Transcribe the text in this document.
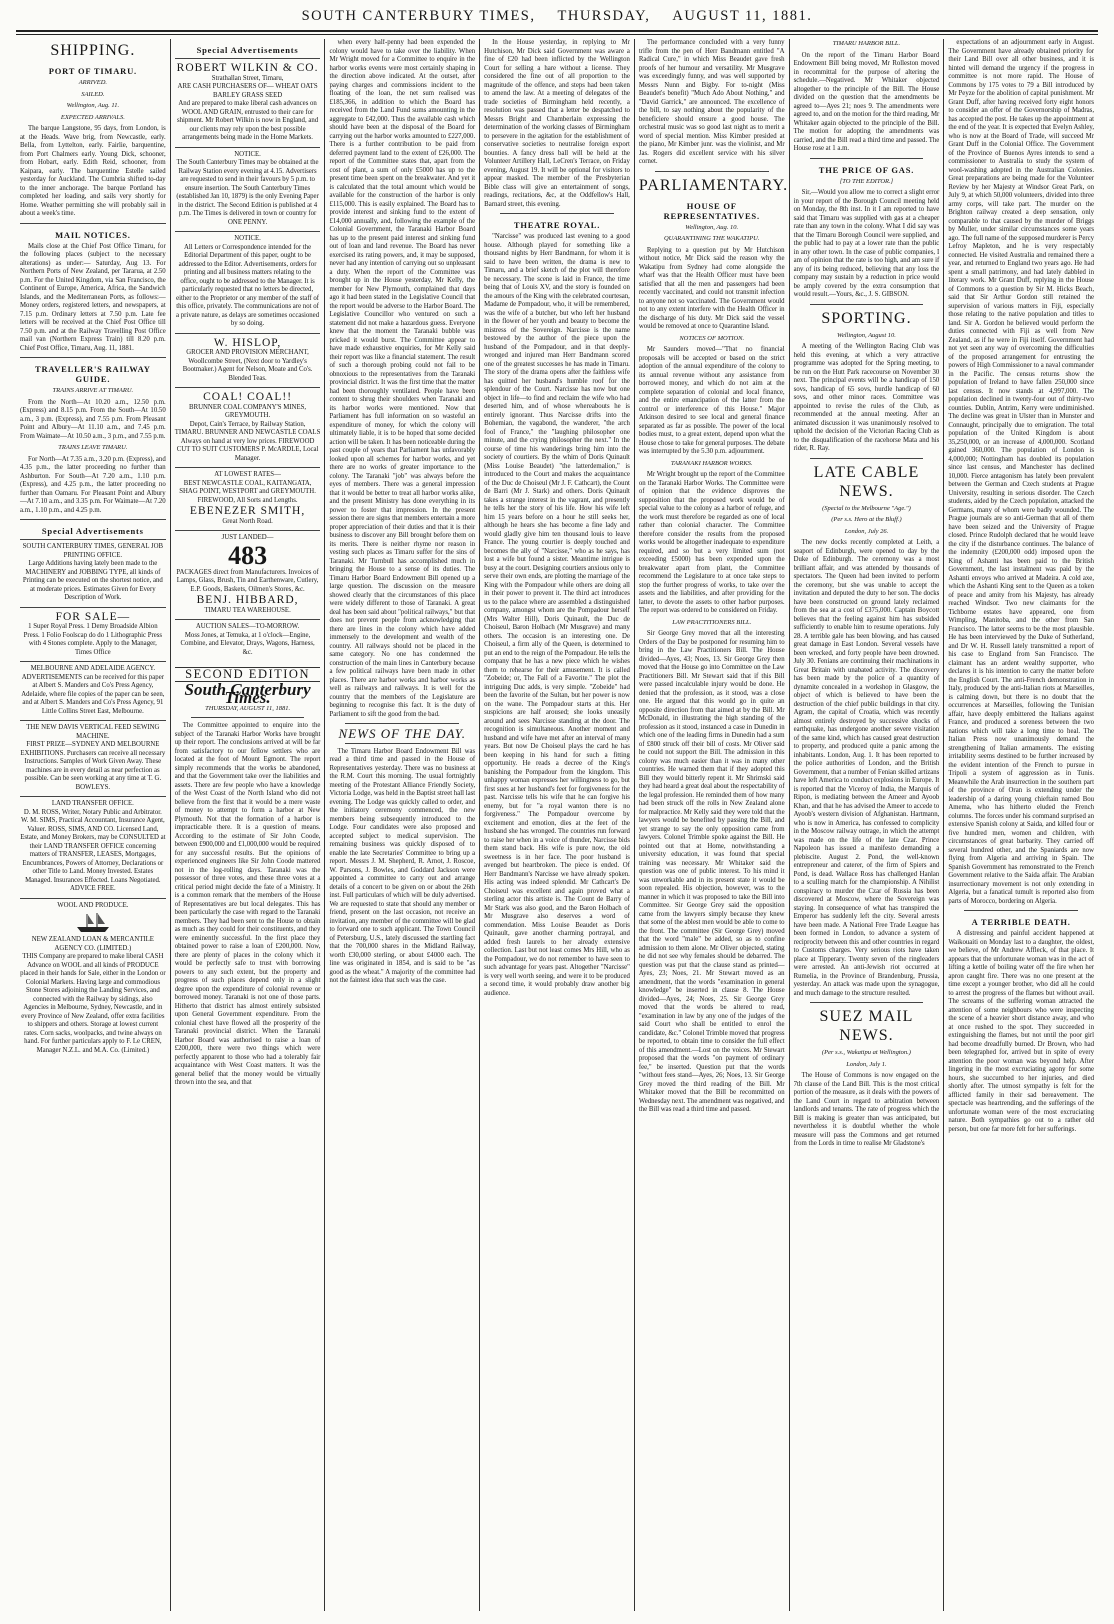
SOUTH CANTERBURY TIMES, THURSDAY, AUGUST 11, 1881.
SHIPPING.
PORT OF TIMARU.
ARRIVED.
SAILED.
Wellington, Aug. 11.
EXPECTED ARRIVALS.

The barque Langstone, 95 days, from London, is at the Heads. Wave brig, from Newcastle, early. Bella, from Lyttelton, early. Fairlie, barquentine, from Port Chalmers early. Young Dick, schooner, from Hobart, early. Edith Reid, schooner, from Kaipara, early. The barquentine Estelle sailed yesterday for Auckland. The Cumbria shifted to-day to the inner anchorage. The barque Portland has completed her loading, and sails very shortly for Home. Weather permitting she will probably sail in about a week's time.

MAIL NOTICES.

Mails close at the Chief Post Office Timaru, for the following places (subject to the necessary alterations) as under:— Saturday, Aug 13. For Northern Ports of New Zealand, per Tararua, at 2.50 p.m. For the United Kingdom, via San Francisco, the Continent of Europe, America, Africa, the Sandwich Islands, and the Mediterranean Ports, as follows:— Money orders, registered letters, and newspapers, at 7.15 p.m. Ordinary letters at 7.50 p.m. Late fee letters will be received at the Chief Post Office till 7.50 p.m. and at the Railway Travelling Post Office mail van (Northern Express Train) till 8.20 p.m. Chief Post Office, Timaru, Aug. 11, 1881.

TRAVELLER'S RAILWAY GUIDE.
TRAINS ARRIVE AT TIMARU.

From the North—At 10.20 a.m., 12.50 p.m. (Express) and 8.15 p.m. From the South—At 10.50 a.m., 3 p.m. (Express), and 7.55 p.m. From Pleasant Point and Albury—At 11.10 a.m., and 7.45 p.m. From Waimate—At 10.50 a.m., 3 p.m., and 7.55 p.m.

TRAINS LEAVE TIMARU.

For North—At 7.35 a.m., 3.20 p.m. (Express), and 4.35 p.m., the latter proceeding no further than Ashburton. For South—At 7.20 a.m., 1.10 p.m. (Express), and 4.25 p.m., the latter proceeding no further than Oamaru. For Pleasant Point and Albury—At 7.10 a.m., and 3.35 p.m. For Waimate—At 7.20 a.m., 1.10 p.m., and 4.25 p.m.

Special Advertisements
SOUTH CANTERBURY TIMES, GENERAL JOB PRINTING OFFICE.
Large Additions having lately been made to the MACHINERY and JOBBING TYPE, all kinds of Printing can be executed on the shortest notice, and at moderate prices. Estimates Given for Every Description of Work.
FOR SALE—
1 Super Royal Press. 1 Demy Broadside Albion Press. 1 Folio Foolscap do do 1 Lithographic Press with 4 Stones complete. Apply to the Manager, Times Office
MELBOURNE AND ADELAIDE AGENCY.
ADVERTISEMENTS can be received for this paper at Albert S. Manders and Co's Press Agency, Adelaide, where file copies of the paper can be seen, and at Albert S. Manders and Co's Press Agency, 91 Little Collins Street East, Melbourne.
THE NEW DAVIS VERTICAL FEED SEWING MACHINE.
FIRST PRIZE—SYDNEY AND MELBOURNE EXHIBITIONS. Purchasers can receive all necessary Instructions. Samples of Work Given Away. These machines are in every detail as near perfection as possible. Can be seen working at any time at T. G. BOWLEYS.
LAND TRANSFER OFFICE.
D. M. ROSS, Writer, Notary Public and Arbitrator. W. M. SIMS, Practical Accountant, Insurance Agent, Valuer. ROSS, SIMS, AND CO. Licensed Land, Estate, and Money Brokers, may be CONSULTED at their LAND TRANSFER OFFICE concerning matters of TRANSFER, LEASES, Mortgages, Encumbrances, Powers of Attorney, Declarations or other Title to Land. Money Invested. Estates Managed. Insurances Effected. Loans Negotiated. ADVICE FREE.
WOOL AND PRODUCE.
NEW ZEALAND LOAN & MERCANTILE AGENCY CO. (LIMITED.)
THIS Company are prepared to make liberal CASH Advance on WOOL and all kinds of PRODUCE placed in their hands for Sale, either in the London or Colonial Markets. Having large and commodious Stone Stores adjoining the Landing Services, and connected with the Railway by sidings, also Agencies in Melbourne, Sydney, Newcastle, and in every Province of New Zealand, offer extra facilities to shippers and others. Storage at lowest current rates. Corn sacks, woolpacks, and twine always on hand. For further particulars apply to F. Le CREN, Manager N.Z.L. and M.A. Co. (Limited.)
Special Advertisements
ROBERT WILKIN & CO.
Strathallan Street, Timaru,
ARE CASH PURCHASERS OF— WHEAT OATS BARLEY GRASS SEED
And are prepared to make liberal cash advances on WOOL AND GRAIN, entrusted to their care for shipment. Mr Robert Wilkin is now in England, and our clients may rely upon the best possible arrangements being made in the Home Markets.
NOTICE.
The South Canterbury Times may be obtained at the Railway Station every evening at 4.15. Advertisers are requested to send in their favours by 5 p.m. to ensure insertion. The South Canterbury Times (established Jan 10, 1879) is the only Evening Paper in the district. The Second Edition is published at 4 p.m. The Times is delivered in town or country for ONE PENNY.
NOTICE.
All Letters or Correspondence intended for the Editorial Department of this paper, ought to be addressed to the Editor. Advertisements, orders for printing and all business matters relating to the office, ought to be addressed to the Manager. It is particularly requested that no letters be directed, either to the Proprietor or any member of the staff of this office, privately. The communications are not of a private nature, as delays are sometimes occasioned by so doing.
W. HISLOP,
GROCER AND PROVISION MERCHANT,
Woollcombe Street, (Next door to Yardley's Bootmaker.) Agent for Nelson, Moate and Co's. Blended Teas.
COAL! COAL!!
BRUNNER COAL COMPANY'S MINES, GREYMOUTH.
Depot, Cain's Terrace, by Railway Station, TIMARU. BRUNNER AND NEWCASTLE COALS Always on hand at very low prices. FIREWOOD CUT TO SUIT CUSTOMERS P. McARDLE, Local Manager.
AT LOWEST RATES—
BEST NEWCASTLE COAL, KAITANGATA, SHAG POINT, WESTPORT and GREYMOUTH. FIREWOOD, All Sorts and Lengths.
EBENEZER SMITH,
Great North Road.
JUST LANDED—
483
PACKAGES direct from Manufacturers. Invoices of Lamps, Glass, Brush, Tin and Earthenware, Cutlery, E.P. Goods, Baskets, Oilmen's Stores, &c.
BENJ. HIBBARD,
TIMARU TEA WAREHOUSE.
AUCTION SALES—TO-MORROW.
Moss Jones, at Temuka, at 1 o'clock—Engine, Combine, and Elevator, Drays, Wagons, Harness, &c.
SECOND EDITION
South Canterbury Times.
THURSDAY, AUGUST 11, 1881.

The Committee appointed to enquire into the subject of the Taranaki Harbor Works have brought up their report. The conclusions arrived at will be far from satisfactory to our fellow settlers who are located at the foot of Mount Egmont. The report simply recommends that the works be abandoned, and that the Government take over the liabilities and assets. There are few people who have a knowledge of the West Coast of the North Island who did not believe from the first that it would be a mere waste of money to attempt to form a harbor at New Plymouth. Not that the formation of a harbor is impracticable there. It is a question of means. According to the estimate of Sir John Coode, between £900,000 and £1,000,000 would be required for any successful results. But the opinions of experienced engineers like Sir John Coode mattered not in the log-rolling days. Taranaki was the possessor of three votes, and these three votes at a critical period might decide the fate of a Ministry. It is a common remark that the members of the House of Representatives are but local delegates. This has been particularly the case with regard to the Taranaki members. They had been sent to the House to obtain as much as they could for their constituents, and they were eminently successful. In the first place they obtained power to raise a loan of £200,000. Now, there are plenty of places in the colony which it would be perfectly safe to trust with borrowing powers to any such extent, but the property and progress of such places depend only in a slight degree upon the expenditure of colonial revenue or borrowed money. Taranaki is not one of those parts. Hitherto that district has almost entirely subsisted upon General Government expenditure. From the colonial chest have flowed all the prosperity of the Taranaki provincial district. When the Taranaki Harbor Board was authorised to raise a loan of £200,000, there were two things which were perfectly apparent to those who had a tolerably fair acquaintance with West Coast matters. It was the general belief that the money would be virtually thrown into the sea, and that

when every half-penny had been expended the colony would have to take over the liability. When Mr Wright moved for a Committee to enquire in the harbor works events were most certainly shaping in the direction above indicated. At the outset, after paying charges and commissions incident to the floating of the loan, the net sum realised was £185,366, in addition to which the Board has received from the Land Fund sums amounting in the aggregate to £42,000. Thus the available cash which should have been at the disposal of the Board for carrying out the harbor works amounted to £227,000. There is a further contribution to be paid from deferred payment land to the extent of £26,000. The report of the Committee states that, apart from the cost of plant, a sum of only £5000 has up to the present time been spent on the breakwater. And yet it is calculated that the total amount which would be available for the construction of the harbor is only £115,000. This is easily explained. The Board has to provide interest and sinking fund to the extent of £14,000 annually, and, following the example of the Colonial Government, the Taranaki Harbor Board has up to the present paid interest and sinking fund out of loan and land revenue. The Board has never exercised its rating powers, and, it may be supposed, never had any intention of carrying out so unpleasant a duty. When the report of the Committee was brought up in the House yesterday, Mr Kelly, the member for New Plymouth, complained that days ago it had been stated in the Legislative Council that the report would be adverse to the Harbor Board. The Legislative Councillor who ventured on such a statement did not make a hazardous guess. Everyone knew that the moment the Taranaki bubble was pricked it would burst. The Committee appear to have made exhaustive enquiries, for Mr Kelly said their report was like a financial statement. The result of such a thorough probing could not fail to be obnoxious to the representatives from the Taranaki provincial district. It was the first time that the matter had been thoroughly ventilated. People have been content to shrug their shoulders when Taranaki and its harbor works were mentioned. Now that Parliament has full information on so wasteful an expenditure of money, for which the colony will ultimately liable, it is to be hoped that some decided action will be taken. It has been noticeable during the past couple of years that Parliament has unfavorably looked upon all schemes for harbor works, and yet there are no works of greater importance to the colony. The Taranaki "job" was always before the eyes of members. There was a general impression that it would be better to treat all harbor works alike, and the present Ministry has done everything in its power to foster that impression. In the present session there are signs that members entertain a more proper appreciation of their duties and that it is their business to discover any Bill brought before them on its merits. There is neither rhyme nor reason in vesting such places as Timaru suffer for the sins of Taranaki. Mr Turnbull has accomplished much in bringing the House to a sense of its duties. The Timaru Harbor Board Endowment Bill opened up a large question. The discussion on the measure showed clearly that the circumstances of this place were widely different to those of Taranaki. A great deal has been said about "political railways," but that does not prevent people from acknowledging that there are lines in the colony which have added immensely to the development and wealth of the country. All railways should not be placed in the same category. No one has condemned the construction of the main lines in Canterbury because a few political railways have been made in other places. There are harbor works and harbor works as well as railways and railways. It is well for the country that the members of the Legislature are beginning to recognise this fact. It is the duty of Parliament to sift the good from the bad.

NEWS OF THE DAY.

The Timaru Harbor Board Endowment Bill was read a third time and passed in the House of Representatives yesterday. There was no business at the R.M. Court this morning. The usual fortnightly meeting of the Protestant Alliance Friendly Society, Victoria Lodge, was held in the Baptist street hall last evening. The Lodge was quickly called to order, and the initiatory ceremony commenced, the new members being subsequently introduced to the Lodge. Four candidates were also proposed and accepted subject to medical supervision. The remaining business was quickly disposed of to enable the late Secretaries' Committee to bring up a report. Messrs J. M. Shepherd, R. Arnot, J. Roscoe, W. Parsons, J. Bowles, and Goddard Jackson were appointed a committee to carry out and arrange details of a concert to be given on or about the 26th inst. Full particulars of which will be duly advertised. We are requested to state that should any member or friend, present on the last occasion, not receive an invitation, any member of the committee will be glad to forward one to such applicant. The Town Council of Petersburg, U.S., lately discussed the startling fact that the 700,000 shares in the Midland Railway, worth £30,000 sterling, or about £4000 each. The line was originated in 1854, and is said to be "as good as the wheat." A majority of the committee had not the faintest idea that such was the case.

In the House yesterday, in replying to Mr Hutchison, Mr Dick said Government was aware a fine of £20 had been inflicted by the Wellington Court for selling a hare without a license. They considered the fine out of all proportion to the magnitude of the offence, and steps had been taken to amend the law. At a meeting of delegates of the trade societies of Birmingham held recently, a resolution was passed that a letter be despatched to Messrs Bright and Chamberlain expressing the determination of the working classes of Birmingham to persevere in the agitation for the establishment of conservative societies to neutralise foreign export bounties. A fancy dress ball will be held at the Volunteer Artillery Hall, LeCren's Terrace, on Friday evening, August 19. It will be optional for visitors to appear masked. The member of the Presbyterian Bible class will give an entertainment of songs, readings, recitations, &c, at the Oddfellow's Hall, Barnard street, this evening.

THEATRE ROYAL.

"Narcisse" was produced last evening to a good house. Although played for something like a thousand nights by Herr Bandmann, for whom it is said to have been written, the drama is new to Timaru, and a brief sketch of the plot will therefore be necessary. The scene is laid in France, the time being that of Louis XV, and the story is founded on the amours of the King with the celebrated courtesan, Madame de Pompadour, who, it will be remembered, was the wife of a butcher, but who left her husband in the flower of her youth and beauty to become the mistress of the Sovereign. Narcisse is the name bestowed by the author of the piece upon the husband of the Pompadour, and in that deeply-wronged and injured man Herr Bandmann scored one of the greatest successes he has made in Timaru. The story of the drama opens after the faithless wife has quitted her husband's humble roof for the splendour of the Court. Narcisse has now but one object in life—to find and reclaim the wife who had deserted him, and of whose whereabouts he is entirely ignorant. Thus Narcisse drifts into the Bohemian, the vagabond, the wanderer, "the arch fool of France," the "laughing philosopher one minute, and the crying philosopher the next." In the course of time his wanderings bring him into the society of courtiers. By the whim of Doris Quinault (Miss Louise Beaudet) "the latterdemalion," is introduced to the Court and makes the acquaintance of the Duc de Choiseul (Mr J. F. Cathcart), the Count de Barri (Mr J. Stark) and others. Doris Quinault takes a strange interest in the vagrant, and presently he tells her the story of his life. How his wife left him 15 years before on a hour he still seeks her, although he hears she has become a fine lady and would gladly give him ten thousand louis to leave France. The young courtier is deeply touched and becomes the ally of "Narcisse," who as he says, has lost a wife but found a sister. Meantime intrigue is busy at the court. Designing courtiers anxious only to serve their own ends, are plotting the marriage of the King with the Pompadour while others are doing all in their power to prevent it. The third act introduces us to the palace where are assembled a distinguished company, amongst whom are the Pompadour herself (Mrs Walter Hill), Doris Quinault, the Duc de Choiseul, Baron Holbach (Mr Musgrave) and many others. The occasion is an interesting one. De Choiseul, a firm ally of the Queen, is determined to put an end to the reign of the Pompadour. He tells the company that he has a new piece which he wishes them to rehearse for their amusement. It is called "Zobeide; or, The Fall of a Favorite." The plot the intriguing Duc adds, is very simple. "Zobeide" had been the favorite of the Sultan, but her power is now on the wane. The Pompadour starts at this. Her suspicions are half aroused; she looks uneasily around and sees Narcisse standing at the door. The recognition is simultaneous. Another moment and husband and wife have met after an interval of many years. But now De Choiseul plays the card he has been keeping in his hand for such a fitting opportunity. He reads a decree of the King's banishing the Pompadour from the kingdom. This unhappy woman expresses her willingness to go, but first sues at her husband's feet for forgiveness for the past. Narcisse tells his wife that he can forgive his enemy, but for "a royal wanton there is no forgiveness." The Pompadour overcome by excitement and emotion, dies at the feet of the husband she has wronged. The countries run forward to raise her when in a voice of thunder, Narcisse bids them stand back. His wife is pure now, the old sweetness is in her face. The poor husband is avenged but heartbroken. The piece is ended. Of Herr Bandmann's Narcisse we have already spoken. His acting was indeed splendid. Mr Cathcart's De Choiseul was excellent and again proved what a sterling actor this artiste is. The Count de Barry of Mr Stark was also good, and the Baron Holbach of Mr Musgrave also deserves a word of commendation. Miss Louise Beaudet as Doris Quinault, gave another charming portrayal, and added fresh laurels to her already extensive collection. Last but not least comes Mrs Hill, who as the Pompadour, we do not remember to have seen to such advantage for years past. Altogether "Narcisse" is very well worth seeing, and were it to be produced a second time, it would probably draw another big audience.

The performance concluded with a very funny trifle from the pen of Herr Bandmann entitled "A Radical Cure," in which Miss Beaudet gave fresh proofs of her humour and versatility. Mr Musgrave was exceedingly funny, and was well supported by Messrs Nunn and Bigby. For to-night (Miss Beaudet's benefit) "Much Ado About Nothing," and "David Garrick," are announced. The excellence of the bill, to say nothing about the popularity of the beneficiere should ensure a good house. The orchestral music was so good last night as to merit a word of special mention. Miss Kimber presided at the piano, Mr Kimber junr. was the violinist, and Mr Jas. Rogers did excellent service with his silver cornet.

PARLIAMENTARY.
HOUSE OF REPRESENTATIVES.
Wellington, Aug. 10.
QUARANTINING THE WAKATIPU.

Replying to a question put by Mr Hutchison without notice, Mr Dick said the reason why the Wakatipu from Sydney had come alongside the wharf was that the Health Officer must have been satisfied that all the men and passengers had been recently vaccinated, and could not transmit infection to anyone not so vaccinated. The Government would not to any extent interfere with the Health Officer in the discharge of his duty. Mr Dick said the vessel would be removed at once to Quarantine Island.

NOTICES OF MOTION.

Mr Saunders moved—"That no financial proposals will be accepted or based on the strict adoption of the annual expenditure of the colony to its annual revenue without any assistance from borrowed money, and which do not aim at the complete separation of colonial and local finance, and the entire emancipation of the latter from the control or interference of this House." Major Atkinson desired to see local and general finance separated as far as possible. The power of the local bodies must, to a great extent, depend upon what the House chose to take for general purposes. The debate was interrupted by the 5.30 p.m. adjournment.

TARANAKI HARBOR WORKS.

Mr Wright brought up the report of the Committee on the Taranaki Harbor Works. The Committee were of opinion that the evidence disproves the supposition that the proposed work would be of special value to the colony as a harbor of refuge, and the work must therefore be regarded as one of local rather than colonial character. The Committee therefore consider the results from the proposed works would be altogether inadequate to expenditure required, and so but a very limited sum (not exceeding £5000) has been expended upon the breakwater apart from plant, the Committee recommend the Legislature to at once take steps to stop the further progress of works, to take over the assets and the liabilities, and after providing for the latter, to devote the assets to other harbor purposes. The report was ordered to be considered on Friday.

LAW PRACTITIONERS BILL.

Sir George Grey moved that all the interesting Orders of the Day be postponed for resuming him to bring in the Law Practitioners Bill. The House divided—Ayes, 43; Noes, 13. Sir George Grey then moved that the House go into Committee on the Law Practitioners Bill. Mr Stewart said that if this Bill were passed incalculable injury would be done. He denied that the profession, as it stood, was a close one. He argued that this would go in quite an opposite direction from that aimed at by the Bill. Mr McDonald, in illustrating the high standing of the profession as it stood, instanced a case in Dunedin in which one of the leading firms in Dunedin had a sum of £800 struck off their bill of costs. Mr Oliver said he could not support the Bill. The admission in this colony was much easier than it was in many other countries. He warned them that if they adopted this Bill they would bitterly repent it. Mr Shrimski said they had heard a great deal about the respectability of the legal profession. He reminded them of how many had been struck off the rolls in New Zealand alone for malpractice. Mr Kelly said they were told that the lawyers would be benefited by passing the Bill, and yet strange to say the only opposition came from lawyers. Colonel Trimble spoke against the Bill. He pointed out that at Home, notwithstanding a university education, it was found that special training was necessary. Mr Whitaker said the question was one of public interest. To his mind it was unworkable and in its present state it would be soon repealed. His objection, however, was to the manner in which it was proposed to take the Bill into Committee. Sir George Grey said the opposition came from the lawyers simply because they knew that some of the ablest men would be able to come to the front. The committee (Sir George Grey) moved that the word "male" be added, so as to confine admission to them alone. Mr Oliver objected, stating he did not see why females should be debarred. The question was put that the clause stand as printed—Ayes, 23; Noes, 21. Mr Stewart moved as an amendment, that the words "examination in general knowledge" be inserted in clause 8. The House divided—Ayes, 24; Noes, 25. Sir George Grey moved that the words be altered to read, "examination in law by any one of the judges of the said Court who shall be entitled to enrol the candidate, &c." Colonel Trimble moved that progress be reported, to obtain time to consider the full effect of this amendment.—Lost on the voices. Mr Stewart proposed that the words "on payment of ordinary fee," be inserted. Question put that the words "without fees stand—Ayes, 26; Noes, 13. Sir George Grey moved the third reading of the Bill. Mr Whitaker moved that the Bill be recommitted on Wednesday next. The amendment was negatived, and the Bill was read a third time and passed.

TIMARU HARBOR BILL.

On the report of the Timaru Harbor Board Endowment Bill being moved, Mr Rolleston moved in recommittal for the purpose of altering the schedule.—Negatived. Mr Whitaker objected altogether to the principle of the Bill. The House divided on the question that the amendments be agreed to—Ayes 21; noes 9. The amendments were agreed to, and on the motion for the third reading, Mr Whitaker again objected to the principle of the Bill. The motion for adopting the amendments was carried, and the Bill read a third time and passed. The House rose at 1 a.m.

THE PRICE OF GAS.
[TO THE EDITOR.]

Sir,—Would you allow me to correct a slight error in your report of the Borough Council meeting held on Monday, the 8th inst. In it I am reported to have said that Timaru was supplied with gas at a cheaper rate than any town in the colony. What I did say was that the Timaru Borough Council were supplied, and the public had to pay at a lower rate than the public in any other town. In the case of public companies, I am of opinion that the rate is too high, and am sure if any of its being reduced, believing that any loss the company may sustain by a reduction in price would be amply covered by the extra consumption that would result.—Yours, &c., J. S. GIBSON.

SPORTING.
Wellington, August 10.

A meeting of the Wellington Racing Club was held this evening, at which a very attractive programme was adopted for the Spring meeting, to be run on the Hutt Park racecourse on November 30 next. The principal events will be a handicap of 150 sovs, handicap of 65 sovs, hurdle handicap of 60 sovs, and other minor races. Committee was appointed to revise the rules of the Club, as recommended at the annual meeting. After an animated discussion it was unanimously resolved to uphold the decision of the Victorian Racing Club as to the disqualification of the racehorse Mata and his rider, R. Ray.

LATE CABLE NEWS.
(Special to the Melbourne "Age.")
(Per s.s. Hero at the Bluff.)
London, July 26.

The new docks recently completed at Leith, a seaport of Edinburgh, were opened to day by the Duke of Edinburgh. The ceremony was a most brilliant affair, and was attended by thousands of spectators. The Queen had been invited to perform the ceremony, but she was unable to accept the invitation and deputed the duty to her son. The docks have been constructed on ground lately reclaimed from the sea at a cost of £375,000. Captain Boycott believes that the feeling against him has subsided sufficiently to enable him to resume operations. July 28. A terrible gale has been blowing, and has caused great damage in East London. Several vessels have been wrecked, and forty people have been drowned. July 30. Fenians are continuing their machinations in Great Britain with unabated activity. The discovery has been made by the police of a quantity of dynamite concealed in a workshop in Glasgow, the object of which is believed to have been the destruction of the chief public buildings in that city. Agram, the capital of Croatia, which was recently almost entirely destroyed by successive shocks of earthquake, has undergone another severe visitation of the same kind, which has caused great destruction to property, and produced quite a panic among the inhabitants. London, Aug. 1. It has been reported to the police authorities of London, and the British Government, that a number of Fenian skilled artizans have left America to conduct explosions in Europe. It is reported that the Viceroy of India, the Marquis of Ripon, is mediating between the Ameer and Ayoob Khan, and that he has advised the Ameer to accede to Ayoob's western division of Afghanistan. Hartmann, who is now in America, has confessed to complicity in the Moscow railway outrage, in which the attempt was made on the life of the late Czar. Prince Napoleon has issued a manifesto demanding a plebiscite. August 2. Pond, the well-known entrepreneur and caterer, of the firm of Spiers and Pond, is dead. Wallace Ross has challenged Hanlan to a sculling match for the championship. A Nihilist conspiracy to murder the Czar of Russia has been discovered at Moscow, where the Sovereign was staying. In consequence of what has transpired the Emperor has suddenly left the city. Several arrests have been made. A National Free Trade League has been formed in London, to advance a system of reciprocity between this and other countries in regard to Customs charges. Very serious riots have taken place at Tipperary. Twenty seven of the ringleaders were arrested. An anti-Jewish riot occurred at Rumelia, in the Province of Brandenburg, Prussia, yesterday. An attack was made upon the synagogue, and much damage to the structure resulted.

SUEZ MAIL NEWS.
(Per s.s., Wakatipu at Wellington.)
London, July 1.

The House of Commons is now engaged on the 7th clause of the Land Bill. This is the most critical portion of the measure, as it deals with the powers of the Land Court in regard to arbitration between landlords and tenants. The rate of progress which the Bill is making is greater than was anticipated, but nevertheless it is doubtful whether the whole measure will pass the Commons and get returned from the Lords in time to realise Mr Gladstone's

expectations of an adjournment early in August. The Government have already obtained priority for their Land Bill over all other business, and it is hinted will demand the urgency if the progress in committee is not more rapid. The House of Commons by 175 votes to 79 a Bill introduced by Mr Peyze for the abolition of capital punishment. Mr Grant Duff, after having received forty eight honors to consider an offer of the Governorship of Madras, has accepted the post. He takes up the appointment at the end of the year. It is expected that Evelyn Ashley, who is now at the Board of Trade, will succeed Mr Grant Duff in the Colonial Office. The Government of the Province of Buenos Ayres intends to send a commissioner to Australia to study the system of wool-washing adopted in the Australian Colonies. Great preparations are being made for the Volunteer Review by her Majesty at Windsor Great Park, on July 9, at which 50,000 volunteers, divided into three army corps, will take part. The murder on the Brighton railway created a deep sensation, only comparable to that caused by the murder of Briggs by Muller, under similar circumstances some years ago. The full name of the supposed murderer is Percy Lefroy Mapleton, and he is very respectably connected. He visited Australia and remained there a year, and returned to England two years ago. He had spent a small patrimony, and had lately dabbled in literary work. Mr Grant Duff, replying in the House of Commons to a question by Sir M. Hicks Beach, said that Sir Arthur Gordon still retained the supervision of various matters in Fiji, especially those relating to the native population and titles to land. Sir A. Gordon he believed would perform the duties connected with Fiji as well from New Zealand, as if he were in Fiji itself. Government had not yet seen any way of overcoming the difficulties of the proposed arrangement for entrusting the powers of High Commissioner to a naval commander in the Pacific. The census returns show the population of Ireland to have fallen 250,000 since last census. It now stands at 4,997,000. The population declined in twenty-four out of thirty-two counties. Dublin, Antrim, Kerry were undiminished. The decline was great in Ulster than in Munster and Connaught, principally due to emigration. The total population of the United Kingdom is about 35,250,000, or an increase of 4,000,000. Scotland gained 360,000. The population of London is 4,000,000; Nottingham has doubled its population since last census, and Manchester has declined 10,000. Fierce antagonism has lately been prevalent between the German and Czech students at Prague University, resulting in serious disorder. The Czech students, aided by the Czech population, attacked the Germans, many of whom were badly wounded. The Prague journals are so anti-German that all of them have been seized and the University of Prague closed. Prince Rudolph declared that he would leave the city if the disturbance continues. The balance of the indemnity (£200,000 odd) imposed upon the King of Ashanti has been paid to the British Government, the last instalment was paid by the Ashanti envoys who arrived at Madeira. A cold axe, which the Ashanti King sent to the Queen as a token of peace and amity from his Majesty, has already reached Windsor. Two new claimants for the Tichborne estates have appeared, one from Wimpling, Manitoba, and the other from San Francisco. The latter seems to be the most plausible. He has been interviewed by the Duke of Sutherland, and Dr W. H. Russell lately transmitted a report of his case to England from San Francisco. The claimant has an ardent wealthy supporter, who declares it is his intention to carry the matter before the English Court. The anti-French demonstration in Italy, produced by the anti-Italian riots at Marseilles, is calming down, but there is no doubt that the occurrences at Marseilles, following the Tunisian affair, have deeply embittered the Italians against France, and produced a soreness between the two nations which will take a long time to heal. The Italian Press now unanimously demand the strengthening of Italian armaments. The existing irritability seems destined to be further increased by the evident intention of the French to pursue in Tripoli a system of aggression as in Tunis. Meanwhile the Arab insurrection in the southern part of the province of Oran is extending under the leadership of a daring young chieftain named Bou Amema, who has hitherto eluded the French columns. The forces under his command surprised an extensive Spanish colony at Saida, and killed four or five hundred men, women and children, with circumstances of great barbarity. They carried off several hundred other, and the Spaniards are now flying from Algeria and arriving in Spain. The Spanish Government has remonstrated to the French Government relative to the Saida affair. The Arabian insurrectionary movement is not only extending in Algeria, but a fanatical tumult is reported also from parts of Morocco, bordering on Algeria.

A TERRIBLE DEATH.

A distressing and painful accident happened at Waikouaiti on Monday last to a daughter, the oldest, we believe, of Mr Andrew Affleck, of that place. It appears that the unfortunate woman was in the act of lifting a kettle of boiling water off the fire when her apron caught fire. There was no one present at the time except a younger brother, who did all he could to arrest the progress of the flames but without avail. The screams of the suffering woman attracted the attention of some neighbours who were inspecting the scene of a heavier short distance away, and who at once rushed to the spot. They succeeded in extinguishing the flames, but not until the poor girl had become dreadfully burned. Dr Brown, who had been telegraphed for, arrived but in spite of every attention the poor woman was beyond help. After lingering in the most excruciating agony for some hours, she succumbed to her injuries, and died shortly after. The utmost sympathy is felt for the afflicted family in their sad bereavement. The spectacle was heartrending, and the sufferings of the unfortunate woman were of the most excruciating nature. Both sympathies go out to a rather old person, but one far more felt for her sufferings.
